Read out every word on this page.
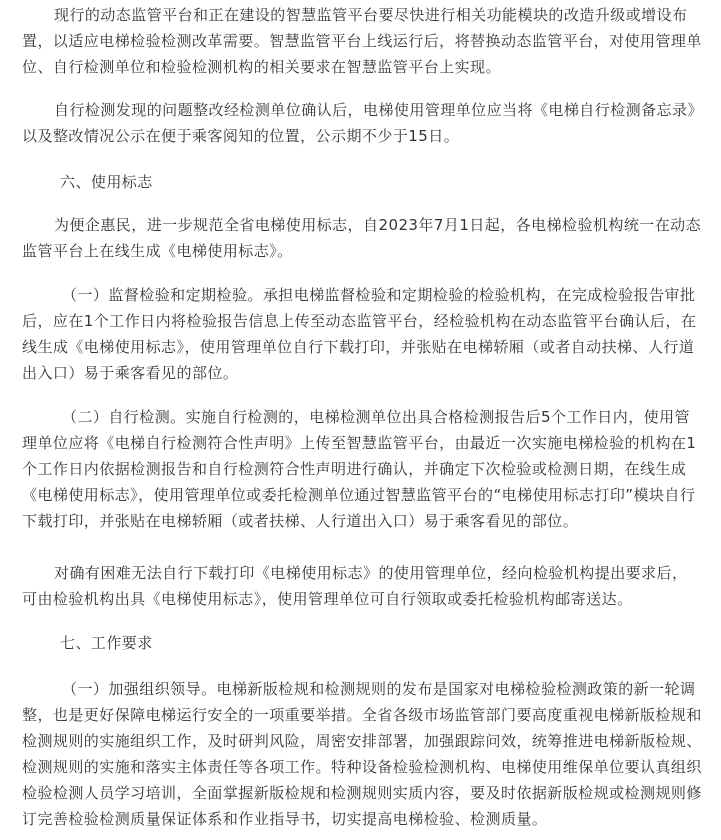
现行的动态监管平台和正在建设的智慧监管平台要尽快进行相关功能模块的改造升级或增设布置，以适应电梯检验检测改革需要。智慧监管平台上线运行后，将替换动态监管平台，对使用管理单位、自行检测单位和检验检测机构的相关要求在智慧监管平台上实现。

自行检测发现的问题整改经检测单位确认后，电梯使用管理单位应当将《电梯自行检测备忘录》以及整改情况公示在便于乘客阅知的位置，公示期不少于15日。

六、使用标志

为便企惠民，进一步规范全省电梯使用标志，自2023年7月1日起，各电梯检验机构统一在动态监管平台上在线生成《电梯使用标志》。

（一）监督检验和定期检验。承担电梯监督检验和定期检验的检验机构，在完成检验报告审批后，应在1个工作日内将检验报告信息上传至动态监管平台，经检验机构在动态监管平台确认后，在线生成《电梯使用标志》，使用管理单位自行下载打印，并张贴在电梯轿厢（或者自动扶梯、人行道出入口）易于乘客看见的部位。

（二）自行检测。实施自行检测的，电梯检测单位出具合格检测报告后5个工作日内，使用管理单位应将《电梯自行检测符合性声明》上传至智慧监管平台，由最近一次实施电梯检验的机构在1个工作日内依据检测报告和自行检测符合性声明进行确认，并确定下次检验或检测日期，在线生成《电梯使用标志》，使用管理单位或委托检测单位通过智慧监管平台的“电梯使用标志打印”模块自行下载打印，并张贴在电梯轿厢（或者扶梯、人行道出入口）易于乘客看见的部位。

对确有困难无法自行下载打印《电梯使用标志》的使用管理单位，经向检验机构提出要求后，可由检验机构出具《电梯使用标志》，使用管理单位可自行领取或委托检验机构邮寄送达。

七、工作要求

（一）加强组织领导。电梯新版检规和检测规则的发布是国家对电梯检验检测政策的新一轮调整，也是更好保障电梯运行安全的一项重要举措。全省各级市场监管部门要高度重视电梯新版检规和检测规则的实施组织工作，及时研判风险，周密安排部署，加强跟踪问效，统筹推进电梯新版检规、检测规则的实施和落实主体责任等各项工作。特种设备检验检测机构、电梯使用维保单位要认真组织检验检测人员学习培训，全面掌握新版检规和检测规则实质内容，要及时依据新版检规或检测规则修订完善检验检测质量保证体系和作业指导书，切实提高电梯检验、检测质量。
